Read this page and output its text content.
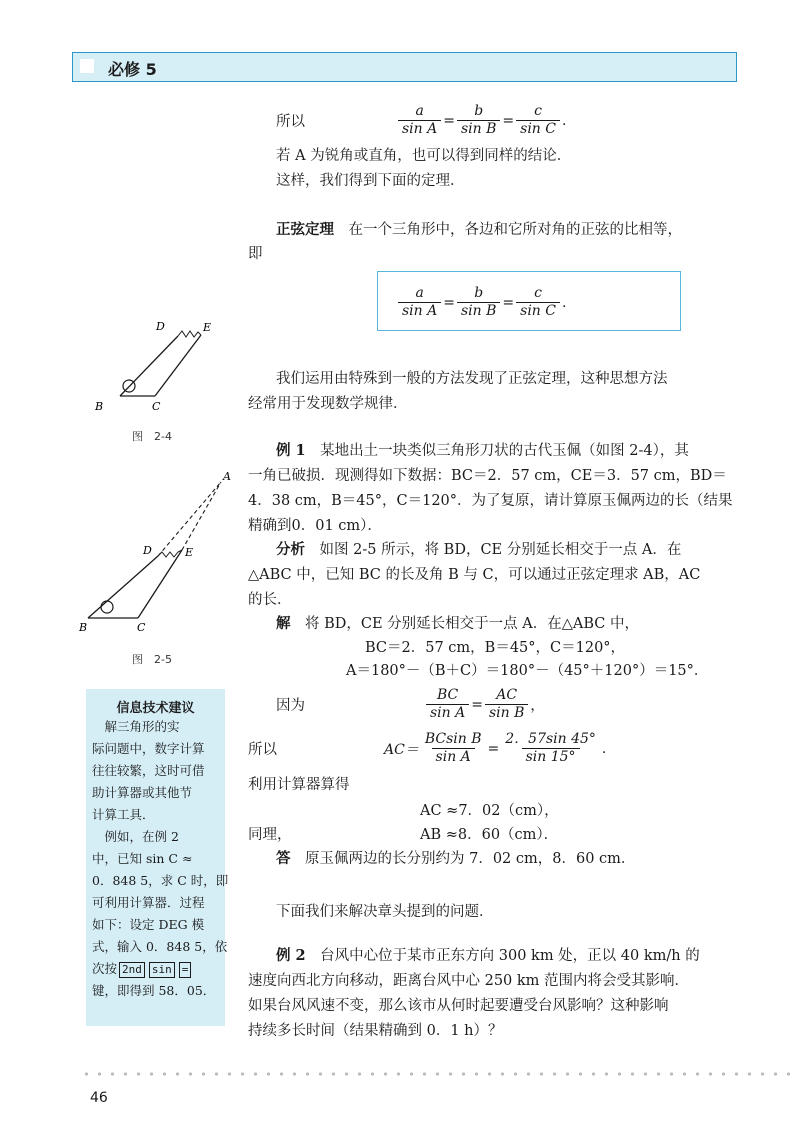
必修 5
所以	$\frac{a}{\text{sin A}} = \frac{b}{\text{sin B}} = \frac{c}{\text{sin C}}$ .
若 A 为锐角或直角，也可以得到同样的结论．
这样，我们得到下面的定理．
正弦定理　 在一个三角形中，各边和它所对角的正弦的比相等，
即
$\frac{a}{\text{sin A}} = \frac{b}{\text{sin B}} = \frac{c}{\text{sin C}}$ .
我们运用由特殊到一般的方法发现了正弦定理，这种思想方法
经常用于发现数学规律．
D	E
B	C
图　2-4
A
D	E
B	C
图　2-5
例 1　 某地出土一块类似三角形刀状的古代玉佩（如图 2-4），其
一角已破损．现测得如下数据：BC＝2．57 cm，CE＝3．57 cm，BD＝
4．38 cm，B＝45°，C＝120°．为了复原，请计算原玉佩两边的长（结果
精确到0．01 cm）．
分析　 如图 2-5 所示，将 BD，CE 分别延长相交于一点 A．在
△ABC 中，已知 BC 的长及角 B 与 C，可以通过正弦定理求 AB，AC
的长．
解　 将 BD，CE 分别延长相交于一点 A．在△ABC 中，
BC＝2．57 cm，B＝45°，C＝120°，
A＝180°－（B＋C）＝180°－（45°＋120°）＝15°．
因为	$\frac{BC}{\text{sin A}} = \frac{AC}{\text{sin B}}$ ，
所以	$AC= \frac{\text{BCsin B}}{\text{sin A}} = \frac{2.57\sin 45^\circ}{\sin 15^\circ}$ .
利用计算器算得
AC ≈7．02（cm），
同理，	AB ≈8．60（cm）．
答　 原玉佩两边的长分别约为 7．02 cm，8．60 cm．
下面我们来解决章头提到的问题．
例 2　 台风中心位于某市正东方向 300 km 处，正以 40 km/h 的
速度向西北方向移动，距离台风中心 250 km 范围内将会受其影响．
如果台风风速不变，那么该市从何时起要遭受台风影响？这种影响
持续多长时间（结果精确到 0．1 h）？
信息技术建议
　解三角形的实
际问题中，数字计算
往往较繁，这时可借
助计算器或其他节
计算工具．
　例如，在例 2
中，已知 sin C ≈
0．848 5，求 C 时，即
可利用计算器．过程
如下：设定 DEG 模
式，输入 0．848 5，依
次按 2nd sin =
键，即得到 58．05．
46
